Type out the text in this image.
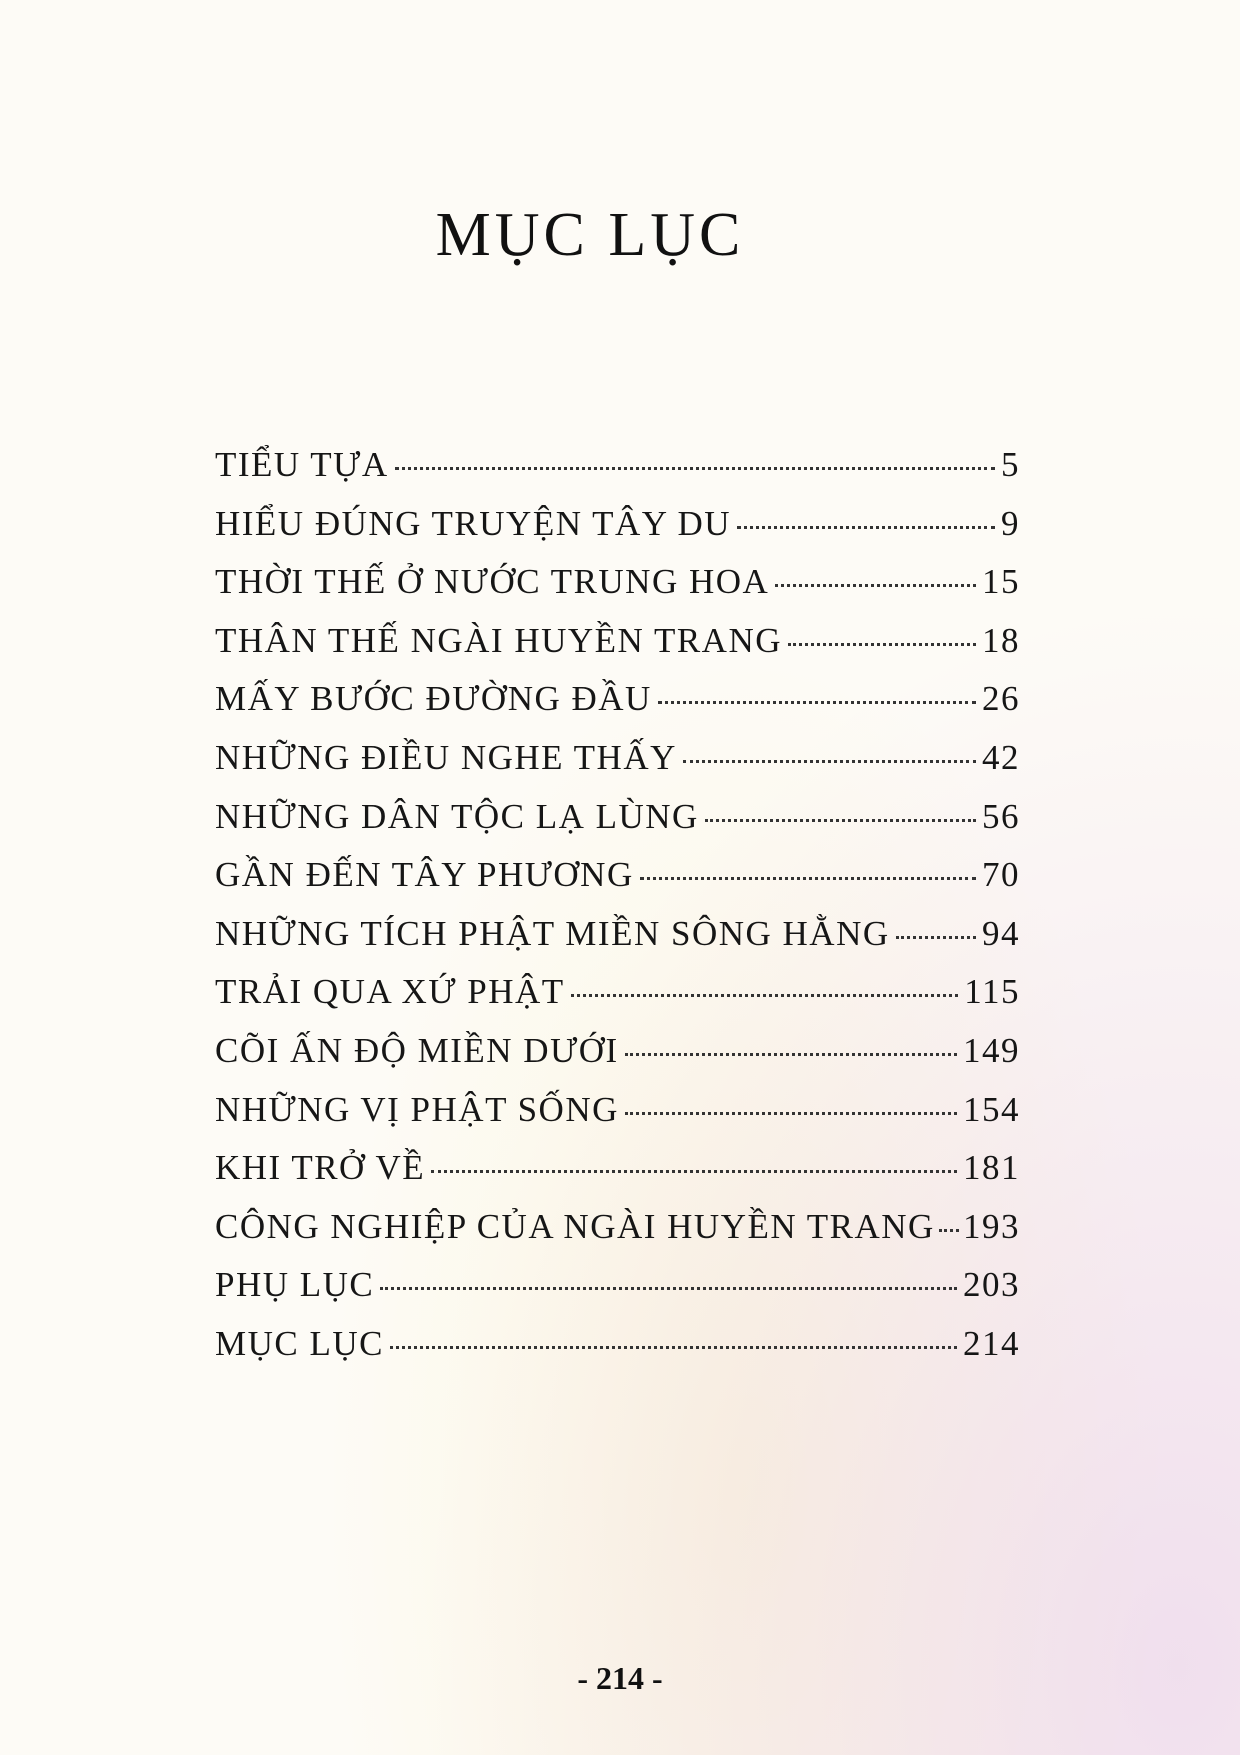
MỤC LỤC
TIỂU TỰA	5
HIỂU ĐÚNG TRUYỆN TÂY DU	9
THỜI THẾ Ở NƯỚC TRUNG HOA	15
THÂN THẾ NGÀI HUYỀN TRANG	18
MẤY BƯỚC ĐƯỜNG ĐẦU	26
NHỮNG ĐIỀU NGHE THẤY	42
NHỮNG DÂN TỘC LẠ LÙNG	56
GẦN ĐẾN TÂY PHƯƠNG	70
NHỮNG TÍCH PHẬT MIỀN SÔNG HẰNG	94
TRẢI QUA XỨ PHẬT	115
CÕI ẤN ĐỘ MIỀN DƯỚI	149
NHỮNG VỊ PHẬT SỐNG	154
KHI TRỞ VỀ	181
CÔNG NGHIỆP CỦA NGÀI HUYỀN TRANG 193
PHỤ LỤC	203
MỤC LỤC	214
- 214 -
